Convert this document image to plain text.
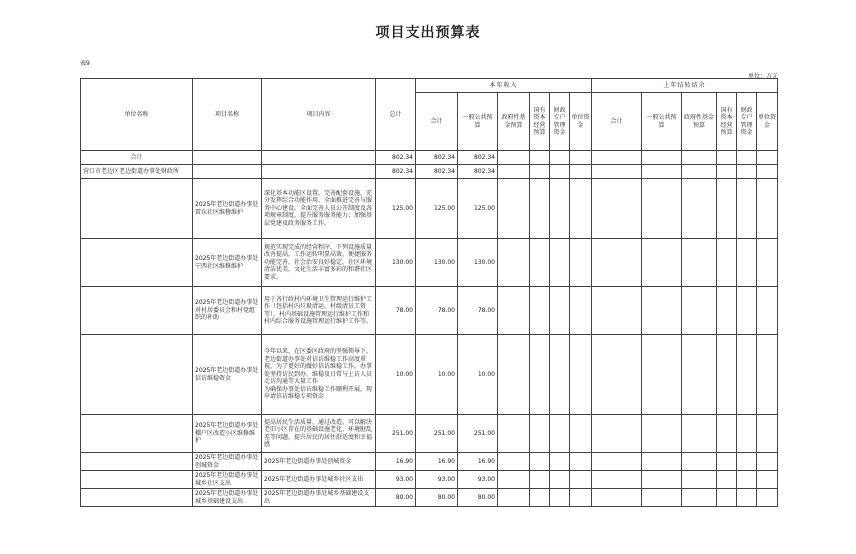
项目支出预算表
表9
单位：万元
单位名称	项目名称	项目内容	总计	本年收入						上年结转结余					
				合计	一般公共预算	政府性基金预算	国有资本经营预算	财政专户管理资金	单位资金	合计	一般公共预算	政府性基金预算	国有资本经营预算	财政专户管理资金	单位资金
合计			802.34	802.34	802.34										
营口市老边区老边街道办事处财政所			802.34	802.34	802.34										
	2025年老边街道办事处雷东社区维修维护	深化基本功能区设置，完善配套设施，充分发挥综合功能作用，全面推进完善与服务中心建设，全面完善人员公开制度及各项规章制度，提升服务服务能力；加强基层党建及政务服务工作。	125.00	125.00	125.00										
	2025年老边街道办事处宁西社区维修维护	规范实现完成的经营程序，下列设施质量改善提高，工作运转明显高效，便捷服务功能完善，社会治安良好稳定，社区环境清洁优美，文化生活丰富多彩的和谐社区要求。	130.00	130.00	130.00										
	2025年老边街道办事处对村居委员会和村党组织的补助	用于各行政村内环境卫生管理运行维护工作（包括村内垃圾清运、村级清员工资等），村内基础设施管理运行维护工作和村内综合服务设施管理运行维护工作等。	78.00	78.00	78.00										
	2025年老边街道办事处信访维稳资金	今年以来，在区委区政府的坚强领导下，老边街道办事处对信访维稳工作高度重视，为了更好的做好信访维稳工作，办事处坚持访民到办、维稳及日常与上访人员走访沟通等大量工作
为确保办事处信访维稳工作顺利开展，现申请信访维稳专项资金	10.00	10.00	10.00										
	2025年老边街道办事处棚户区改造小区维修维护	提高居民生活质量，通过改造，可以解决老旧小区存在的基础设施老化、环境脏乱差等问题，提升居民的居住舒适度和幸福感	251.00	251.00	251.00										
	2025年老边街道办事处创城资金	2025年老边街道办事处创城资金	16.90	16.90	16.90										
	2025年老边街道办事处城乡社区支出	2025年老边街道办事处城乡社区支出	93.00	93.00	93.00										
	2025年老边街道办事处城乡基础建设支出	2025年老边街道办事处城乡基础建设支出	80.00	80.00	80.00										
